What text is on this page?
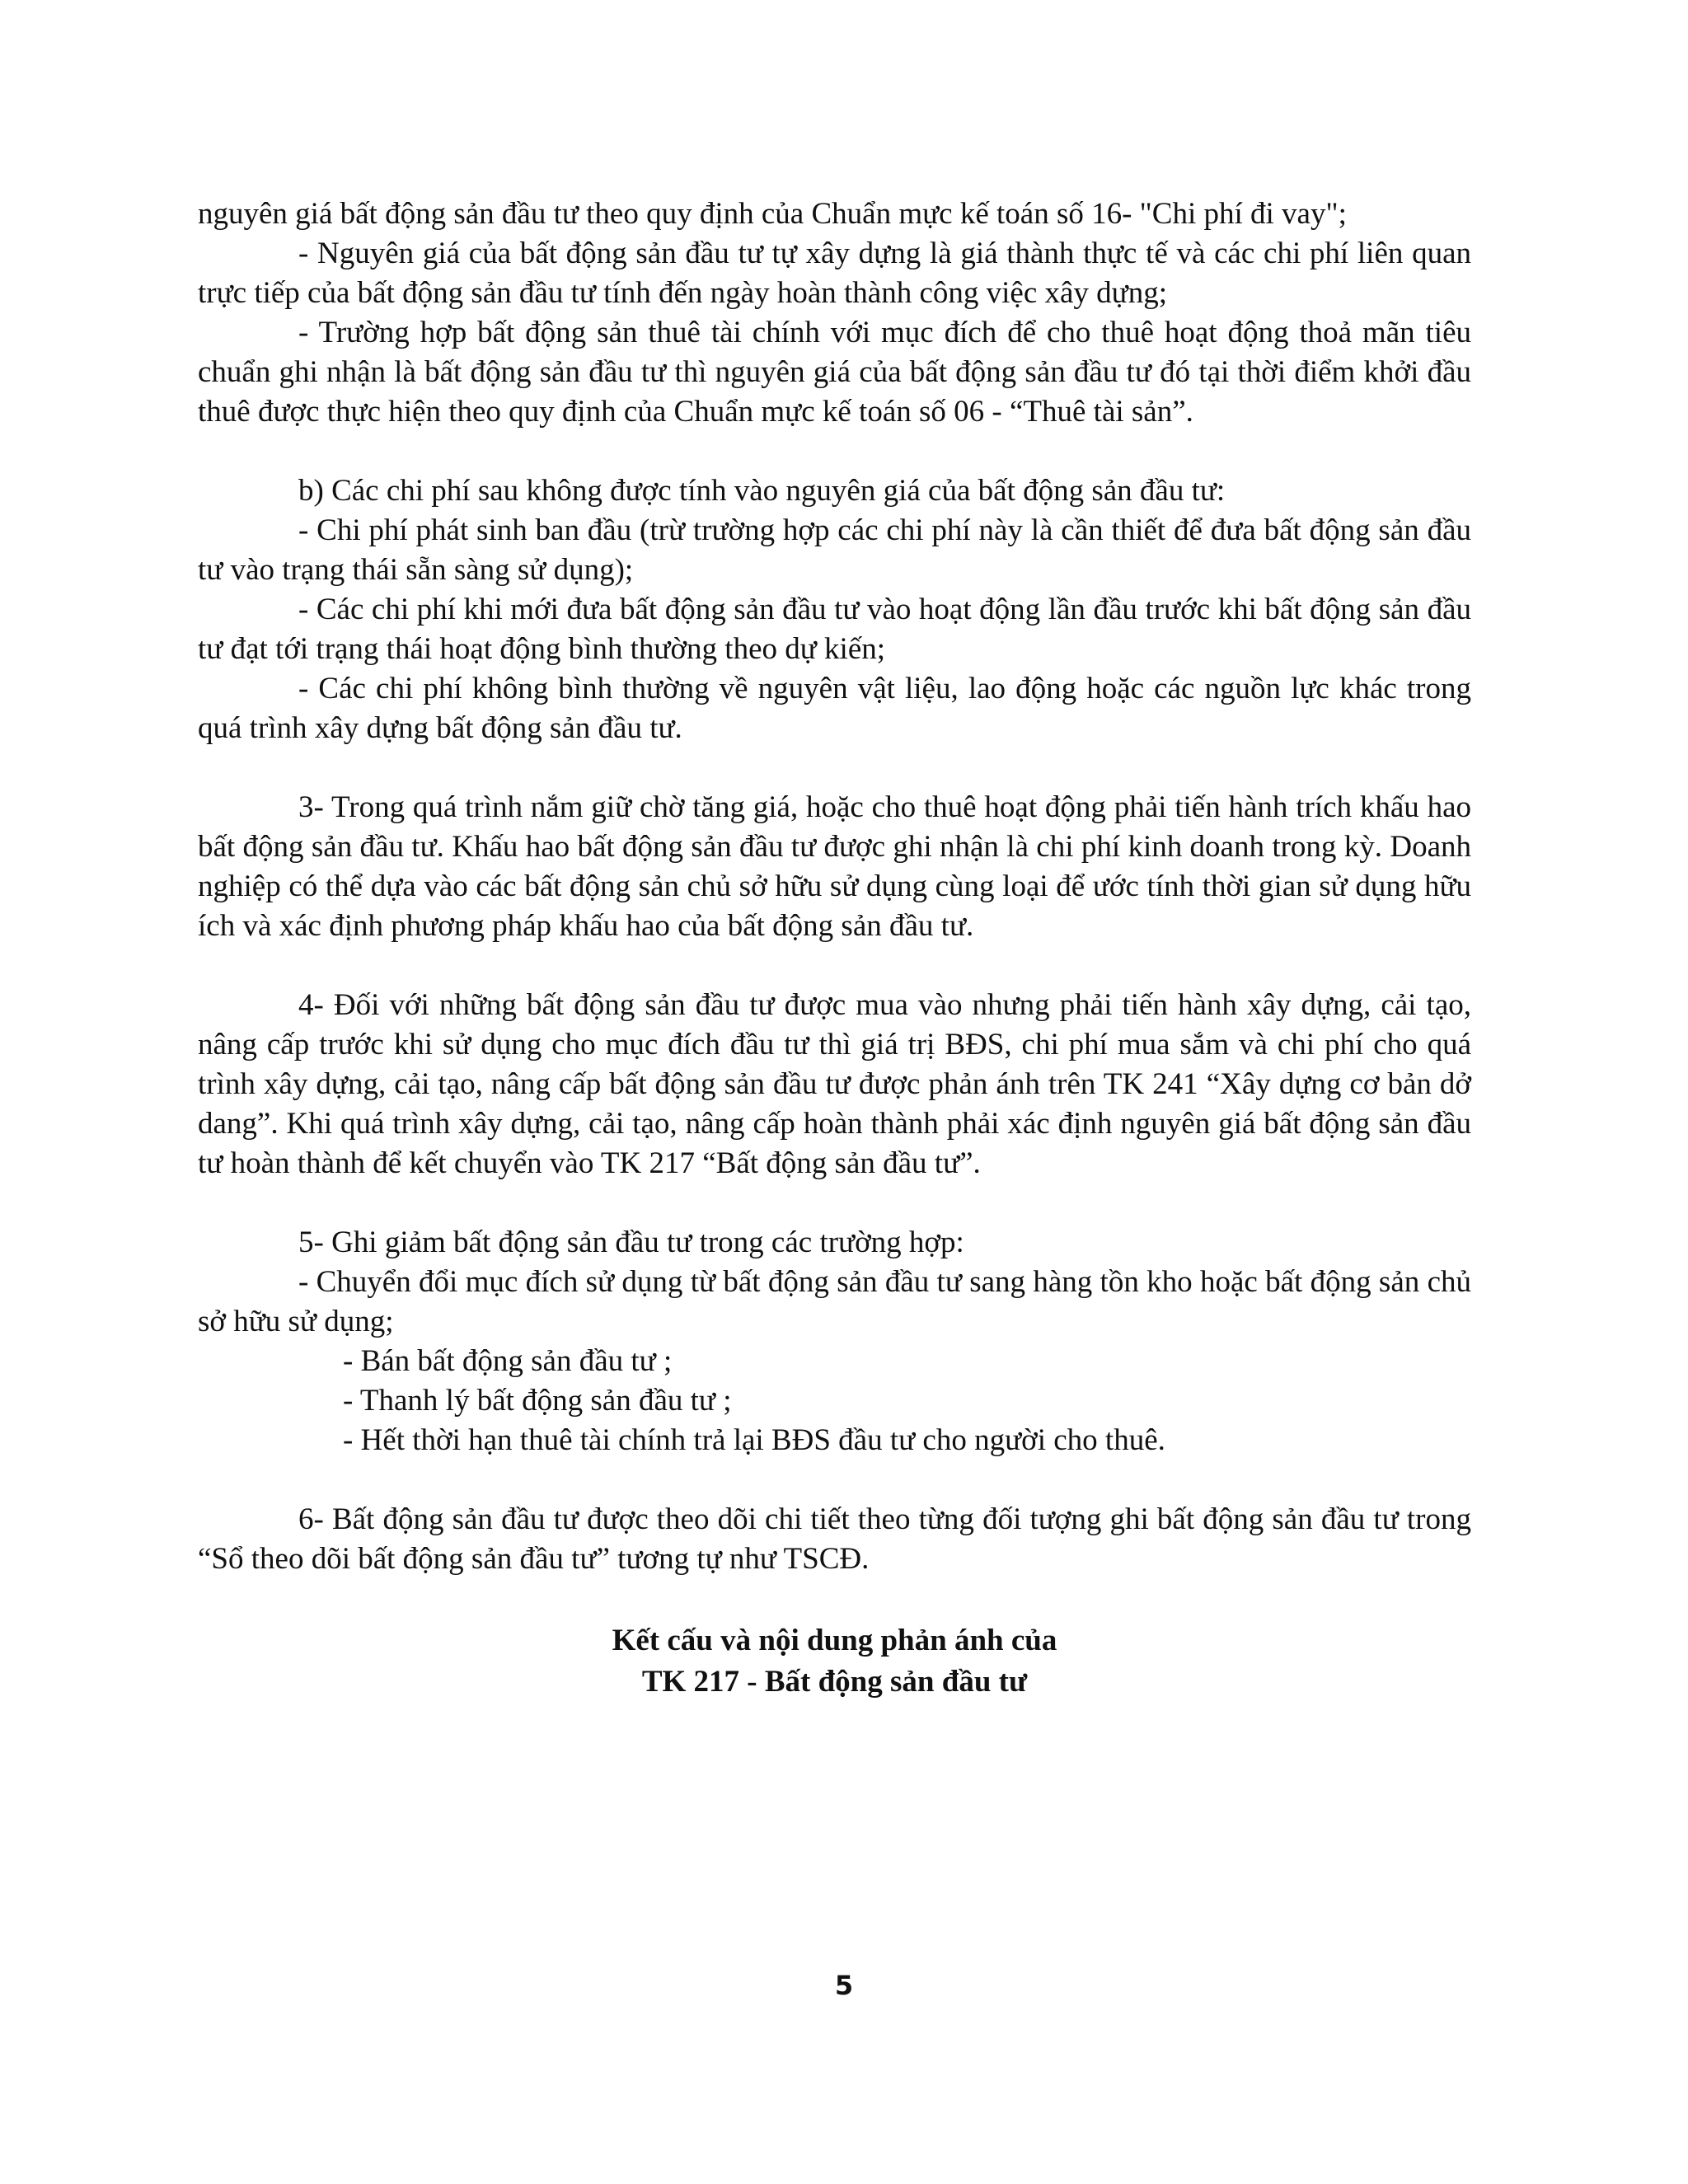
nguyên giá bất động sản đầu tư theo quy định của Chuẩn mực kế toán số 16- "Chi phí đi vay";

- Nguyên giá của bất động sản đầu tư tự xây dựng là giá thành thực tế và các chi phí liên quan trực tiếp của bất động sản đầu tư tính đến ngày hoàn thành công việc xây dựng;

- Trường hợp bất động sản thuê tài chính với mục đích để cho thuê hoạt động thoả mãn tiêu chuẩn ghi nhận là bất động sản đầu tư thì nguyên giá của bất động sản đầu tư đó tại thời điểm khởi đầu thuê được thực hiện theo quy định của Chuẩn mực kế toán số 06 - “Thuê tài sản”.

b) Các chi phí sau không được tính vào nguyên giá của bất động sản đầu tư:

- Chi phí phát sinh ban đầu (trừ trường hợp các chi phí này là cần thiết để đưa bất động sản đầu tư vào trạng thái sẵn sàng sử dụng);

- Các chi phí khi mới đưa bất động sản đầu tư vào hoạt động lần đầu trước khi bất động sản đầu tư đạt tới trạng thái hoạt động bình thường theo dự kiến;

- Các chi phí không bình thường về nguyên vật liệu, lao động hoặc các nguồn lực khác trong quá trình xây dựng bất động sản đầu tư.

3- Trong quá trình nắm giữ chờ tăng giá, hoặc cho thuê hoạt động phải tiến hành trích khấu hao bất động sản đầu tư. Khấu hao bất động sản đầu tư được ghi nhận là chi phí kinh doanh trong kỳ. Doanh nghiệp có thể dựa vào các bất động sản chủ sở hữu sử dụng cùng loại để ước tính thời gian sử dụng hữu ích và xác định phương pháp khấu hao của bất động sản đầu tư.

4- Đối với những bất động sản đầu tư được mua vào nhưng phải tiến hành xây dựng, cải tạo, nâng cấp trước khi sử dụng cho mục đích đầu tư thì giá trị BĐS, chi phí mua sắm và chi phí cho quá trình xây dựng, cải tạo, nâng cấp bất động sản đầu tư được phản ánh trên TK 241 “Xây dựng cơ bản dở dang”. Khi quá trình xây dựng, cải tạo, nâng cấp hoàn thành phải xác định nguyên giá bất động sản đầu tư hoàn thành để kết chuyển vào TK 217 “Bất động sản đầu tư”.

5- Ghi giảm bất động sản đầu tư trong các trường hợp:

- Chuyển đổi mục đích sử dụng từ bất động sản đầu tư sang hàng tồn kho hoặc bất động sản chủ sở hữu sử dụng;

- Bán bất động sản đầu tư ;

- Thanh lý bất động sản đầu tư ;

- Hết thời hạn thuê tài chính trả lại BĐS đầu tư cho người cho thuê.

6- Bất động sản đầu tư được theo dõi chi tiết theo từng đối tượng ghi bất động sản đầu tư trong “Sổ theo dõi bất động sản đầu tư” tương tự như TSCĐ.

Kết cấu và nội dung phản ánh của
TK 217 - Bất động sản đầu tư

5
